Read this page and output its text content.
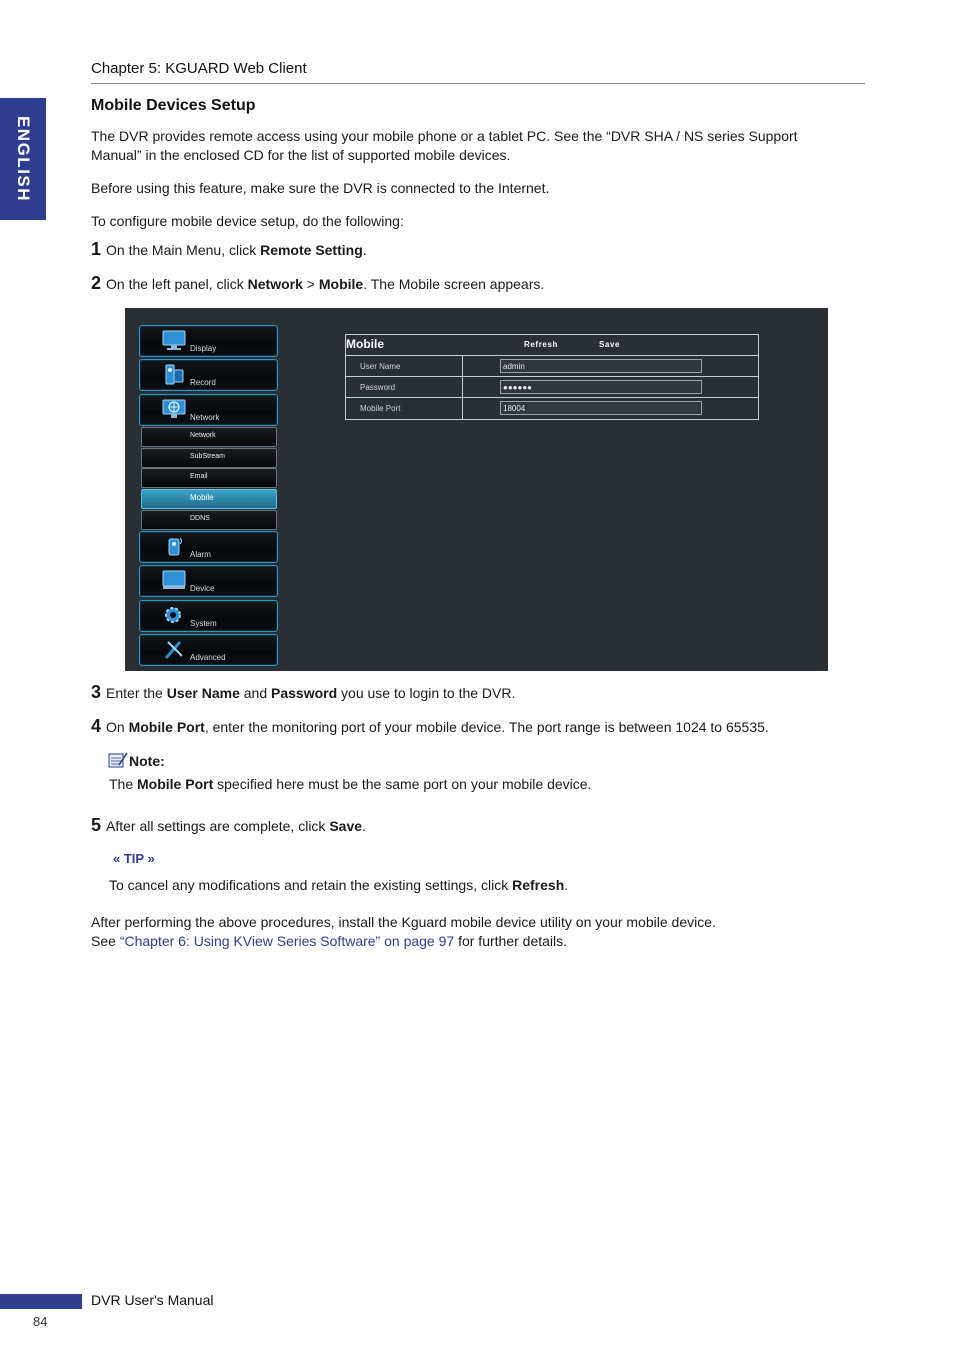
ENGLISH
Chapter 5: KGUARD Web Client
Mobile Devices Setup

The DVR provides remote access using your mobile phone or a tablet PC. See the “DVR SHA / NS series Support Manual” in the enclosed CD for the list of supported mobile devices.

Before using this feature, make sure the DVR is connected to the Internet.

To configure mobile device setup, do the following:

1 On the Main Menu, click Remote Setting.
2 On the left panel, click Network > Mobile. The Mobile screen appears.
Display
Record
Network
Network
SubStream
Email
Mobile
DDNS
Alarm
Device
System
Advanced
Mobile	Refresh	Save
User Name	admin
Password	●●●●●●
Mobile Port	18004
3 Enter the User Name and Password you use to login to the DVR.
4 On Mobile Port, enter the monitoring port of your mobile device. The port range is between 1024 to 65535.
Note:
The Mobile Port specified here must be the same port on your mobile device.
5 After all settings are complete, click Save.
« TIP »
To cancel any modifications and retain the existing settings, click Refresh.
After performing the above procedures, install the Kguard mobile device utility on your mobile device.
See “Chapter 6: Using KView Series Software” on page 97 for further details.
DVR User's Manual
84
